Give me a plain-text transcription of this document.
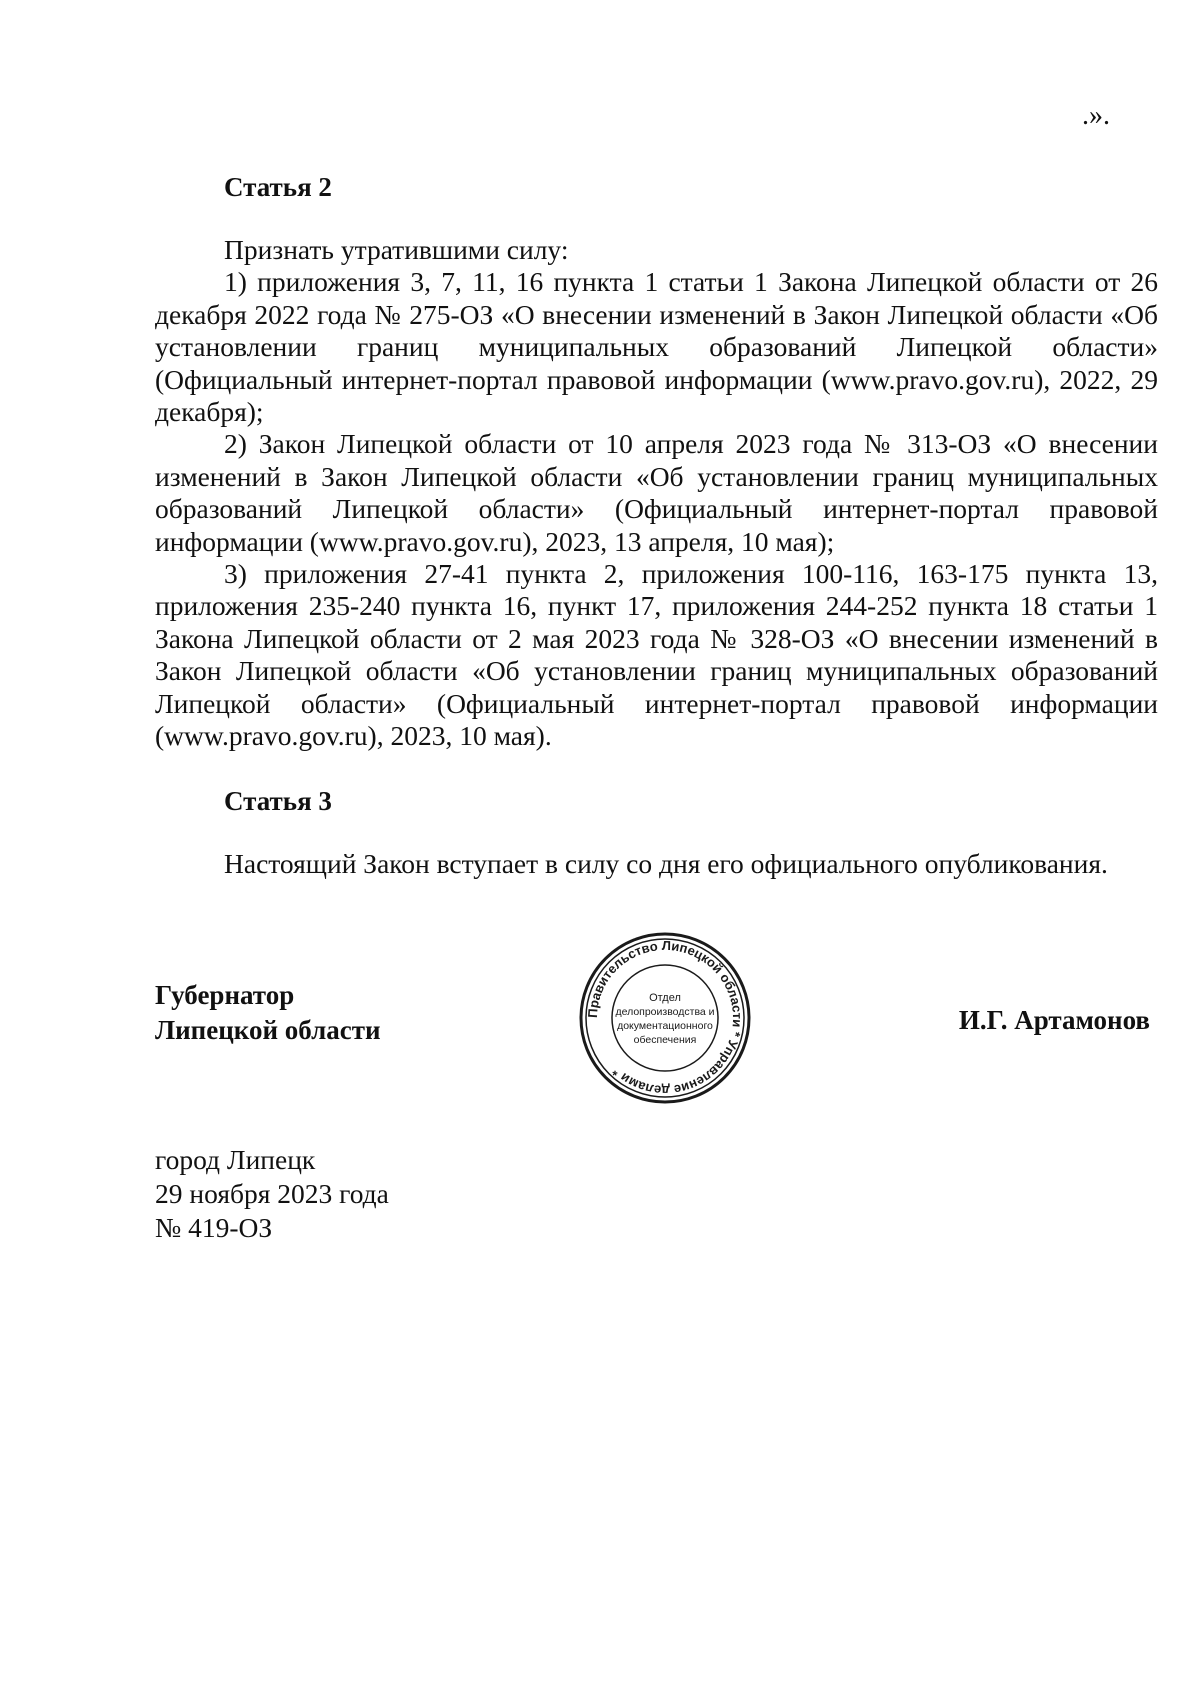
.».
Статья 2

Признать утратившими силу:

1) приложения 3, 7, 11, 16 пункта 1 статьи 1 Закона Липецкой области от 26 декабря 2022 года № 275-ОЗ «О внесении изменений в Закон Липецкой области «Об установлении границ муниципальных образований Липецкой области» (Официальный интернет-портал правовой информации (www.pravo.gov.ru), 2022, 29 декабря);

2) Закон Липецкой области от 10 апреля 2023 года № 313-ОЗ «О внесении изменений в Закон Липецкой области «Об установлении границ муниципальных образований Липецкой области» (Официальный интернет-портал правовой информации (www.pravo.gov.ru), 2023, 13 апреля, 10 мая);

3) приложения 27-41 пункта 2, приложения 100-116, 163-175 пункта 13, приложения 235-240 пункта 16, пункт 17, приложения 244-252 пункта 18 статьи 1 Закона Липецкой области от 2 мая 2023 года № 328-ОЗ «О внесении изменений в Закон Липецкой области «Об установлении границ муниципальных образований Липецкой области» (Официальный интернет-портал правовой информации (www.pravo.gov.ru), 2023, 10 мая).

Статья 3
Настоящий Закон вступает в силу со дня его официального опубликования.
Губернатор
Липецкой области
Правительство Липецкой области * Управление делами *
Отдел
делопроизводства и
документационного
обеспечения
И.Г. Артамонов
город Липецк
29 ноября 2023 года
№ 419-ОЗ
